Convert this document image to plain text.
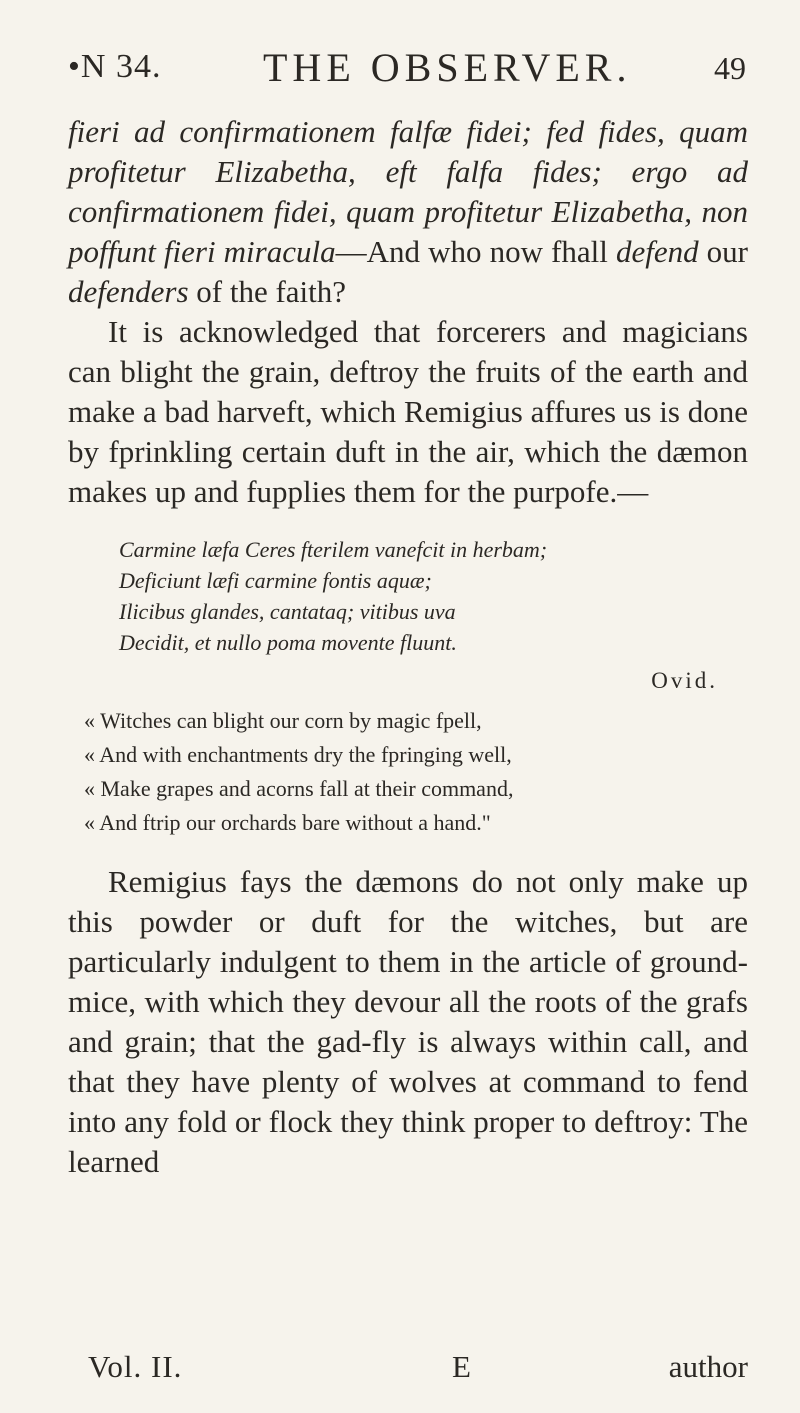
•N 34.	THE OBSERVER.	49

fieri ad confirmationem falfæ fidei; fed fides, quam profitetur Elizabetha, eft falfa fides; ergo ad confirmationem fidei, quam profitetur Elizabetha, non poffunt fieri miracula—And who now fhall defend our defenders of the faith?

It is acknowledged that forcerers and magicians can blight the grain, deftroy the fruits of the earth and make a bad harveft, which Remigius affures us is done by fprinkling certain duft in the air, which the dæmon makes up and fupplies them for the purpofe.—

Carmine læfa Ceres fterilem vanefcit in herbam;
Deficiunt læfi carmine fontis aquæ;
Ilicibus glandes, cantataq; vitibus uva
Decidit, et nullo poma movente fluunt.
Ovid.
« Witches can blight our corn by magic fpell,
« And with enchantments dry the fpringing well,
« Make grapes and acorns fall at their command,
« And ftrip our orchards bare without a hand."

Remigius fays the dæmons do not only make up this powder or duft for the witches, but are particularly indulgent to them in the article of ground-mice, with which they devour all the roots of the grafs and grain; that the gad-fly is always within call, and that they have plenty of wolves at command to fend into any fold or flock they think proper to deftroy: The learned

Vol. II.	E	author
